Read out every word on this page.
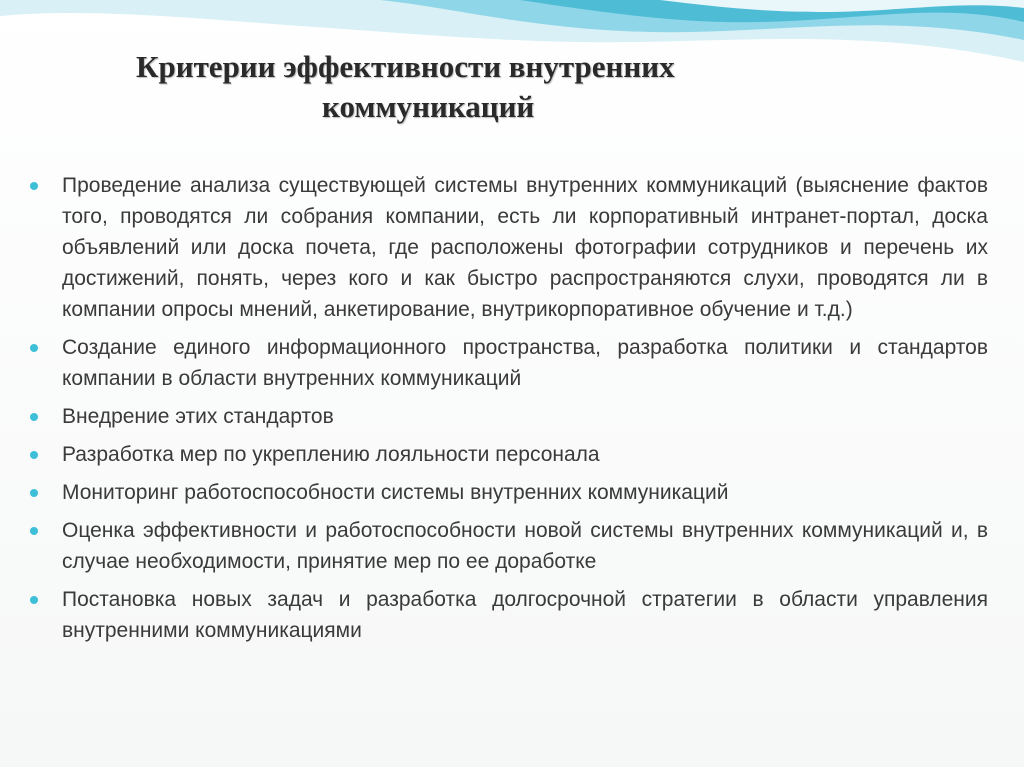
Критерии эффективности внутренних
коммуникаций
Проведение анализа существующей системы внутренних коммуникаций (выяснение фактов того, проводятся ли собрания компании, есть ли корпоративный интранет-портал, доска объявлений или доска почета, где расположены фотографии сотрудников и перечень их достижений, понять, через кого и как быстро распространяются слухи, проводятся ли в компании опросы мнений, анкетирование, внутрикорпоративное обучение и т.д.)
Создание единого информационного пространства, разработка политики и стандартов компании в области внутренних коммуникаций
Внедрение этих стандартов
Разработка мер по укреплению лояльности персонала
Мониторинг работоспособности системы внутренних коммуникаций
Оценка эффективности и работоспособности новой системы внутренних коммуникаций и, в случае необходимости, принятие мер по ее доработке
Постановка новых задач и разработка долгосрочной стратегии в области управления внутренними коммуникациями
